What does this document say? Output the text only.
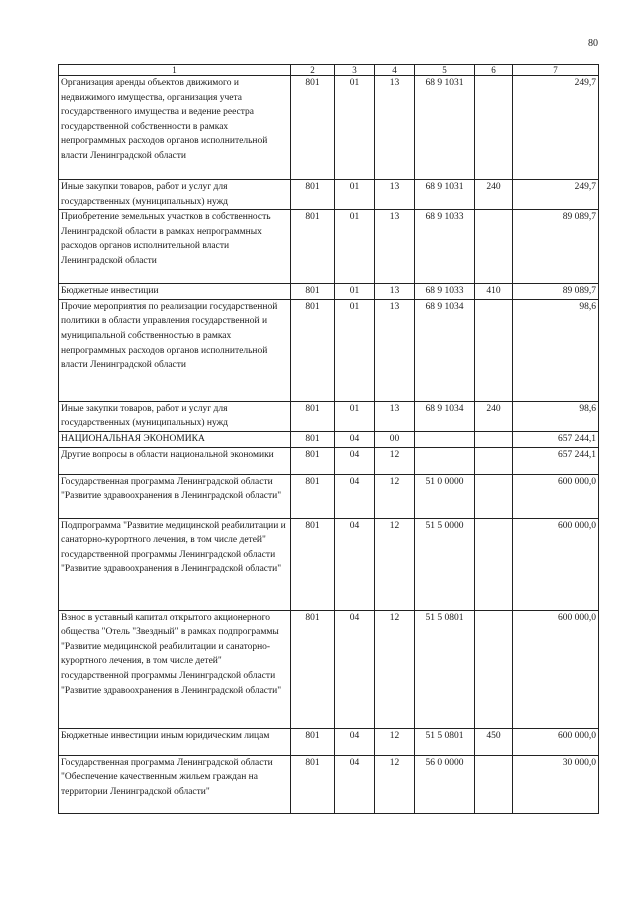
80
1	2	3	4	5	6	7
Организация аренды объектов движимого и недвижимого имущества, организация учета государственного имущества и ведение реестра государственной собственности в рамках непрограммных расходов органов исполнительной власти Ленинградской области	801	01	13	68 9 1031		249,7
Иные закупки товаров, работ и услуг для государственных (муниципальных) нужд	801	01	13	68 9 1031	240	249,7
Приобретение земельных участков в собственность Ленинградской области в рамках непрограммных расходов органов исполнительной власти Ленинградской области	801	01	13	68 9 1033		89 089,7
Бюджетные инвестиции	801	01	13	68 9 1033	410	89 089,7
Прочие мероприятия по реализации государственной политики в области управления государственной и муниципальной собственностью в рамках непрограммных расходов органов исполнительной власти Ленинградской области	801	01	13	68 9 1034		98,6
Иные закупки товаров, работ и услуг для государственных (муниципальных) нужд	801	01	13	68 9 1034	240	98,6
НАЦИОНАЛЬНАЯ ЭКОНОМИКА	801	04	00			657 244,1
Другие вопросы в области национальной экономики	801	04	12			657 244,1
Государственная программа Ленинградской области "Развитие здравоохранения в Ленинградской области"	801	04	12	51 0 0000		600 000,0
Подпрограмма "Развитие медицинской реабилитации и санаторно-курортного лечения, в том числе детей" государственной программы Ленинградской области "Развитие здравоохранения в Ленинградской области"	801	04	12	51 5 0000		600 000,0
Взнос в уставный капитал открытого акционерного общества "Отель "Звездный" в рамках подпрограммы "Развитие медицинской реабилитации и санаторно-курортного лечения, в том числе детей" государственной программы Ленинградской области "Развитие здравоохранения в Ленинградской области"	801	04	12	51 5 0801		600 000,0
Бюджетные инвестиции иным юридическим лицам	801	04	12	51 5 0801	450	600 000,0
Государственная программа Ленинградской области "Обеспечение качественным жильем граждан на территории Ленинградской области"	801	04	12	56 0 0000		30 000,0
